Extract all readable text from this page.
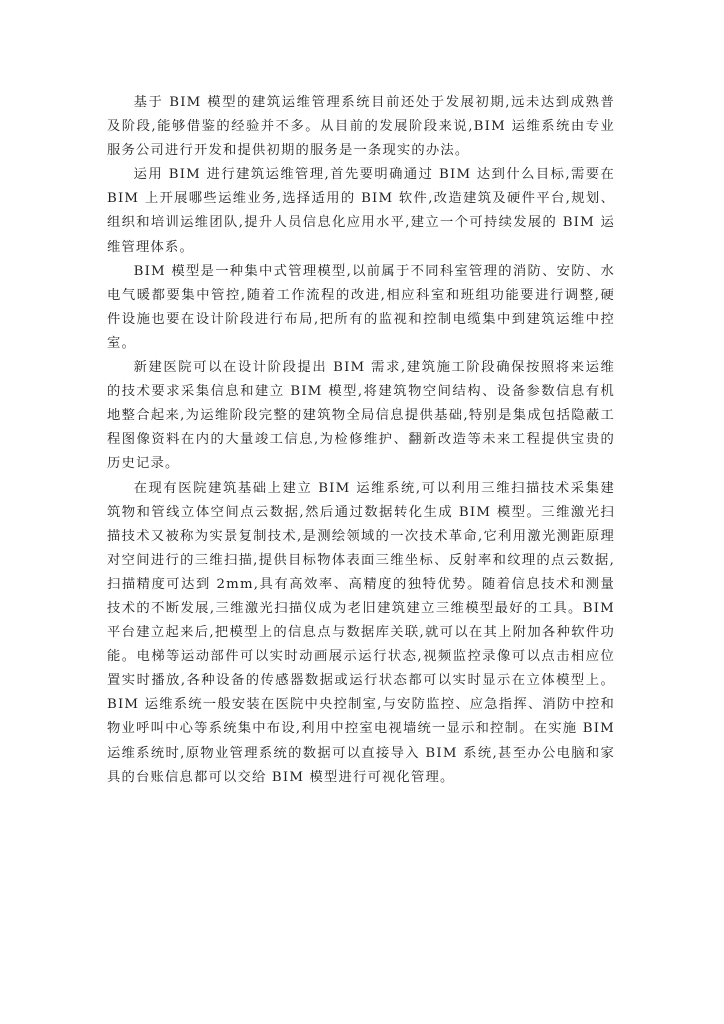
基于 BIM 模型的建筑运维管理系统目前还处于发展初期,远未达到成熟普及阶段,能够借鉴的经验并不多。从目前的发展阶段来说,BIM 运维系统由专业服务公司进行开发和提供初期的服务是一条现实的办法。

运用 BIM 进行建筑运维管理,首先要明确通过 BIM 达到什么目标,需要在 BIM 上开展哪些运维业务,选择适用的 BIM 软件,改造建筑及硬件平台,规划、组织和培训运维团队,提升人员信息化应用水平,建立一个可持续发展的 BIM 运维管理体系。

BIM 模型是一种集中式管理模型,以前属于不同科室管理的消防、安防、水电气暖都要集中管控,随着工作流程的改进,相应科室和班组功能要进行调整,硬件设施也要在设计阶段进行布局,把所有的监视和控制电缆集中到建筑运维中控室。

新建医院可以在设计阶段提出 BIM 需求,建筑施工阶段确保按照将来运维的技术要求采集信息和建立 BIM 模型,将建筑物空间结构、设备参数信息有机地整合起来,为运维阶段完整的建筑物全局信息提供基础,特别是集成包括隐蔽工程图像资料在内的大量竣工信息,为检修维护、翻新改造等未来工程提供宝贵的历史记录。

在现有医院建筑基础上建立 BIM 运维系统,可以利用三维扫描技术采集建筑物和管线立体空间点云数据,然后通过数据转化生成 BIM 模型。三维激光扫描技术又被称为实景复制技术,是测绘领域的一次技术革命,它利用激光测距原理对空间进行的三维扫描,提供目标物体表面三维坐标、反射率和纹理的点云数据,扫描精度可达到 2mm,具有高效率、高精度的独特优势。随着信息技术和测量技术的不断发展,三维激光扫描仪成为老旧建筑建立三维模型最好的工具。BIM 平台建立起来后,把模型上的信息点与数据库关联,就可以在其上附加各种软件功能。电梯等运动部件可以实时动画展示运行状态,视频监控录像可以点击相应位置实时播放,各种设备的传感器数据或运行状态都可以实时显示在立体模型上。BIM 运维系统一般安装在医院中央控制室,与安防监控、应急指挥、消防中控和物业呼叫中心等系统集中布设,利用中控室电视墙统一显示和控制。在实施 BIM 运维系统时,原物业管理系统的数据可以直接导入 BIM 系统,甚至办公电脑和家具的台账信息都可以交给 BIM 模型进行可视化管理。
